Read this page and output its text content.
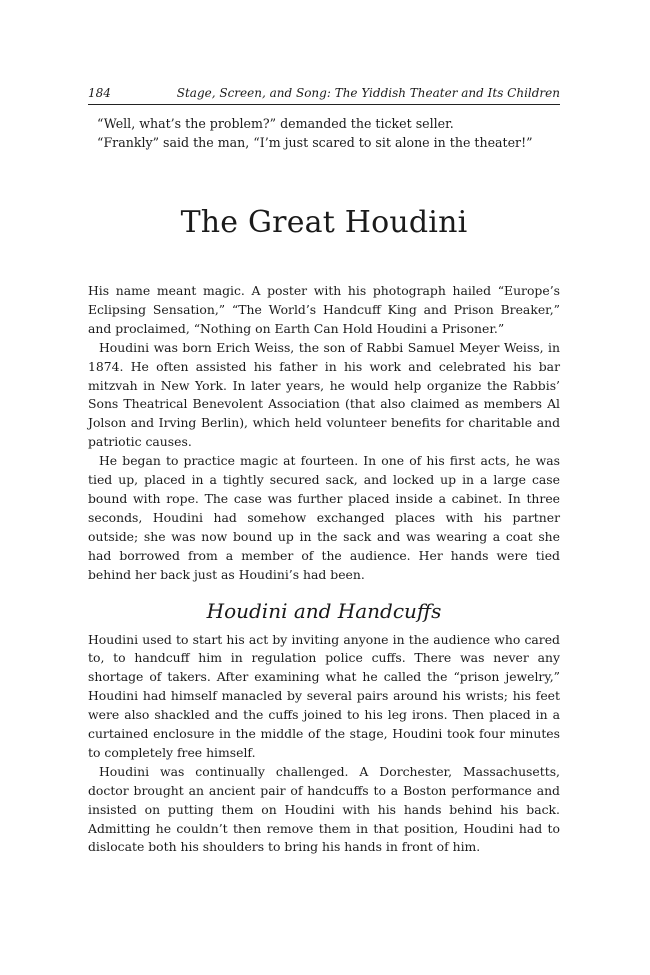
184	Stage, Screen, and Song: The Yiddish Theater and Its Children

“Well, what’s the problem?” demanded the ticket seller.

“Frankly” said the man, “I’m just scared to sit alone in the theater!”

The Great Houdini

His name meant magic. A poster with his photograph hailed “Europe’s Eclipsing Sensation,” “The World’s Handcuff King and Prison Breaker,” and proclaimed, “Nothing on Earth Can Hold Houdini a Prisoner.”

Houdini was born Erich Weiss, the son of Rabbi Samuel Meyer Weiss, in 1874. He often assisted his father in his work and celebrated his bar mitzvah in New York. In later years, he would help organize the Rabbis’ Sons Theatrical Benevolent Association (that also claimed as members Al Jolson and Irving Berlin), which held volunteer benefits for charitable and patriotic causes.

He began to practice magic at fourteen. In one of his first acts, he was tied up, placed in a tightly secured sack, and locked up in a large case bound with rope. The case was further placed inside a cabinet. In three seconds, Houdini had somehow exchanged places with his partner outside; she was now bound up in the sack and was wearing a coat she had borrowed from a member of the audience. Her hands were tied behind her back just as Houdini’s had been.

Houdini and Handcuffs

Houdini used to start his act by inviting anyone in the audience who cared to, to handcuff him in regulation police cuffs. There was never any shortage of takers. After examining what he called the “prison jewelry,” Houdini had himself manacled by several pairs around his wrists; his feet were also shackled and the cuffs joined to his leg irons. Then placed in a curtained enclosure in the middle of the stage, Houdini took four minutes to completely free himself.

Houdini was continually challenged. A Dorchester, Massachusetts, doctor brought an ancient pair of handcuffs to a Boston performance and insisted on putting them on Houdini with his hands behind his back. Admitting he couldn’t then remove them in that position, Houdini had to dislocate both his shoulders to bring his hands in front of him.
